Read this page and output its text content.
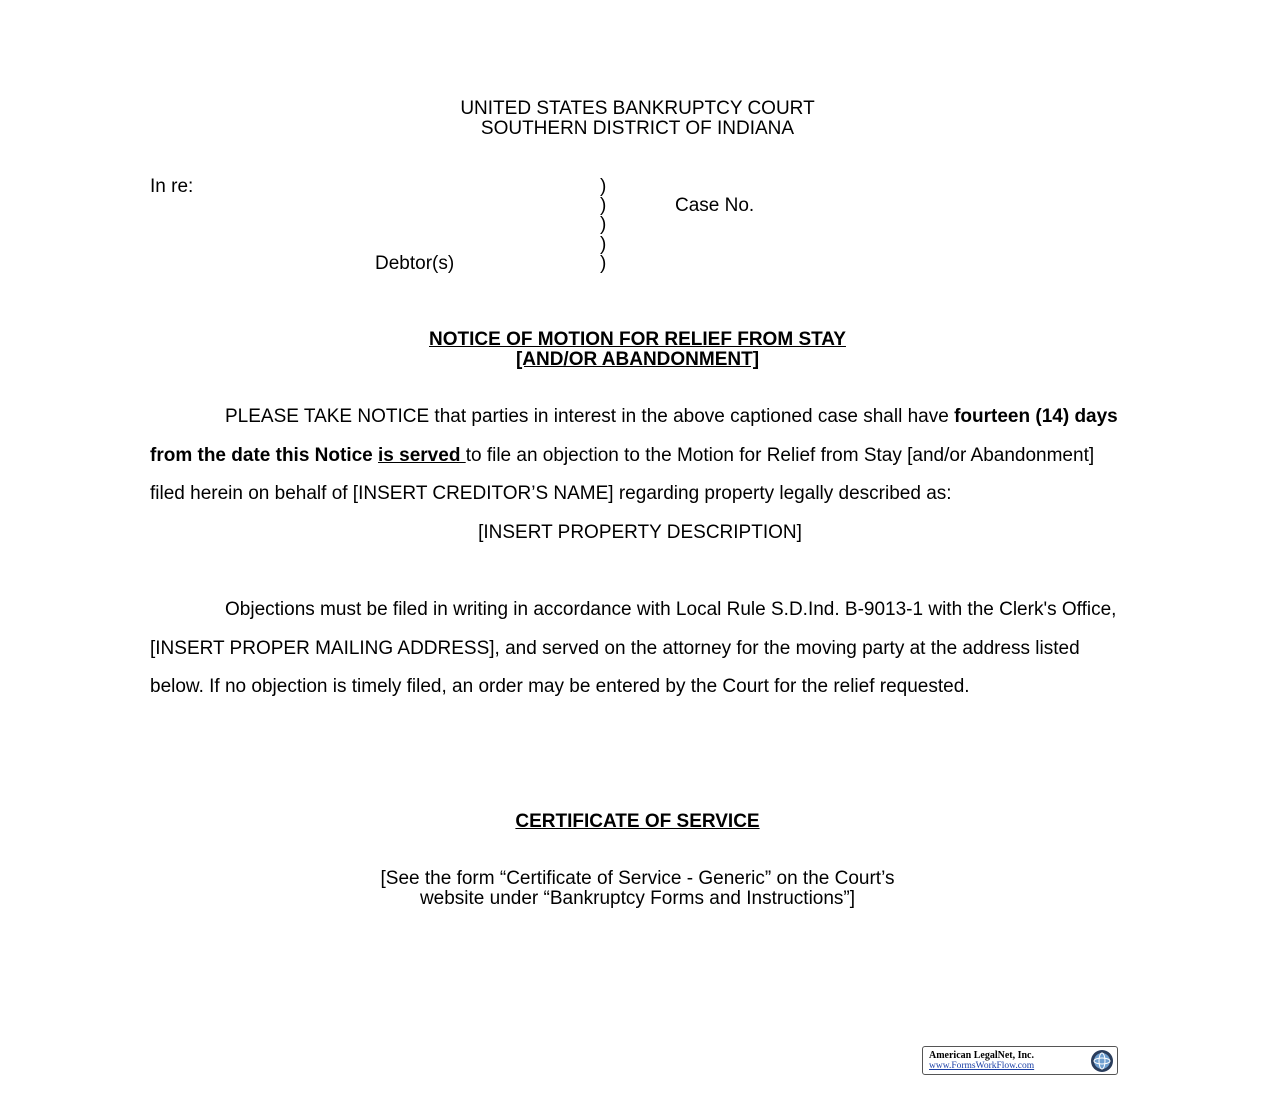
UNITED STATES BANKRUPTCY COURT
SOUTHERN DISTRICT OF INDIANA
In re:	)
)
)
)
)
Case No.
Debtor(s)
NOTICE OF MOTION FOR RELIEF FROM STAY
[AND/OR ABANDONMENT]
PLEASE TAKE NOTICE that parties in interest in the above captioned case shall have fourteen (14) days from the date this Notice is served to file an objection to the Motion for Relief from Stay [and/or Abandonment] filed herein on behalf of [INSERT CREDITOR’S NAME] regarding property legally described as:
[INSERT PROPERTY DESCRIPTION]
Objections must be filed in writing in accordance with Local Rule S.D.Ind. B-9013-1 with the Clerk's Office, [INSERT PROPER MAILING ADDRESS], and served on the attorney for the moving party at the address listed below. If no objection is timely filed, an order may be entered by the Court for the relief requested.
CERTIFICATE OF SERVICE
[See the form “Certificate of Service - Generic” on the Court’s
website under “Bankruptcy Forms and Instructions”]
American LegalNet, Inc.
www.FormsWorkFlow.com
